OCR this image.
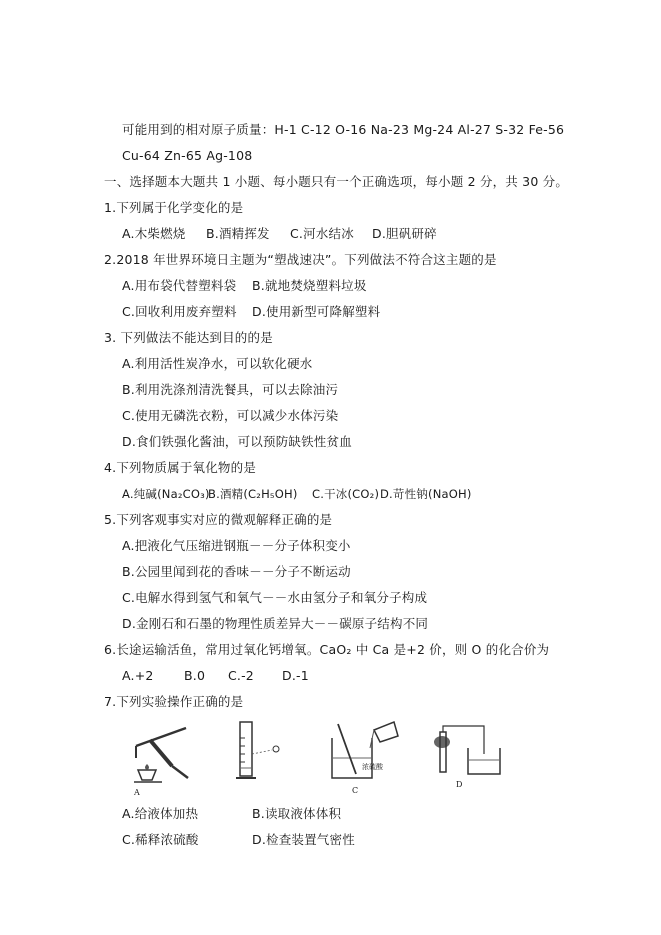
可能用到的相对原子质量：H-1 C-12 O-16 Na-23 Mg-24 Al-27 S-32 Fe-56
Cu-64 Zn-65 Ag-108
一、选择题本大题共 1 小题、每小题只有一个正确选项，每小题 2 分，共 30 分。
1.下列属于化学变化的是
A.木柴燃烧 B.酒精挥发 C.河水结冰 D.胆矾研碎
2.2018 年世界环境日主题为“塑战速决”。下列做法不符合这主题的是
A.用布袋代替塑料袋 B.就地焚烧塑料垃圾
C.回收利用废弃塑料 D.使用新型可降解塑料
3. 下列做法不能达到目的的是
A.利用活性炭净水，可以软化硬水
B.利用洗涤剂清洗餐具，可以去除油污
C.使用无磷洗衣粉，可以减少水体污染
D.食们铁强化酱油，可以预防缺铁性贫血
4.下列物质属于氧化物的是
A.纯碱(Na₂CO₃)B.酒精(C₂H₅OH) C.干冰(CO₂)D.苛性钠(NaOH)
5.下列客观事实对应的微观解释正确的是
A.把液化气压缩进钢瓶－－分子体积变小
B.公园里闻到花的香味－－分子不断运动
C.电解水得到氢气和氧气－－水由氢分子和氧分子构成
D.金刚石和石墨的物理性质差异大－－碳原子结构不同
6.长途运输活鱼，常用过氧化钙增氧。CaO₂ 中 Ca 是+2 价，则 O 的化合价为
A.+2 B.0 C.-2 D.-1
7.下列实验操作正确的是
A
浓硫酸
C
D
A.给液体加热	B.读取液体体积
C.稀释浓硫酸	D.检查装置气密性
